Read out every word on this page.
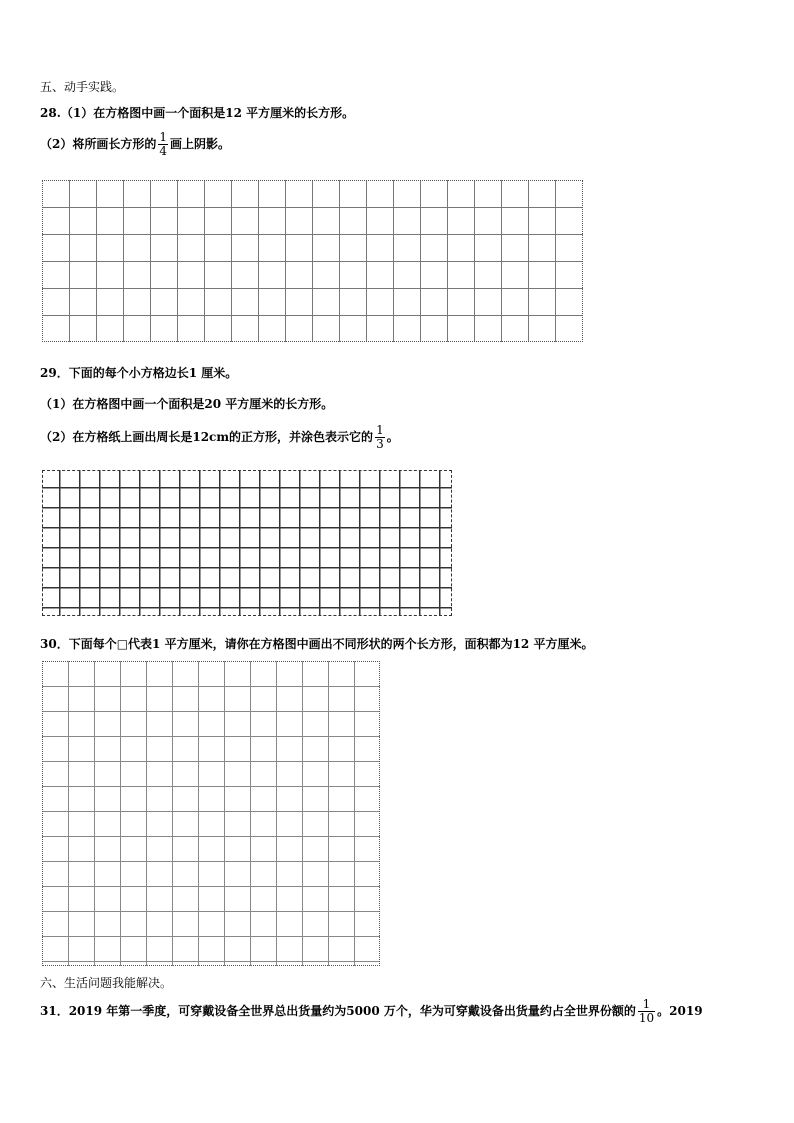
五、动手实践。
28.（1）在方格图中画一个面积是12 平方厘米的长方形。
（2）将所画长方形的 $\frac{1}{4}$ 画上阴影。
29．下面的每个小方格边长1 厘米。
（1）在方格图中画一个面积是20 平方厘米的长方形。
（2）在方格纸上画出周长是12cm的正方形，并涂色表示它的 $\frac{1}{3}$ 。
30．下面每个□代表1 平方厘米，请你在方格图中画出不同形状的两个长方形，面积都为12 平方厘米。
六、生活问题我能解决。
31．2019 年第一季度，可穿戴设备全世界总出货量约为5000 万个，华为可穿戴设备出货量约占全世界份额的 $\frac{1}{10}$ 。2019
